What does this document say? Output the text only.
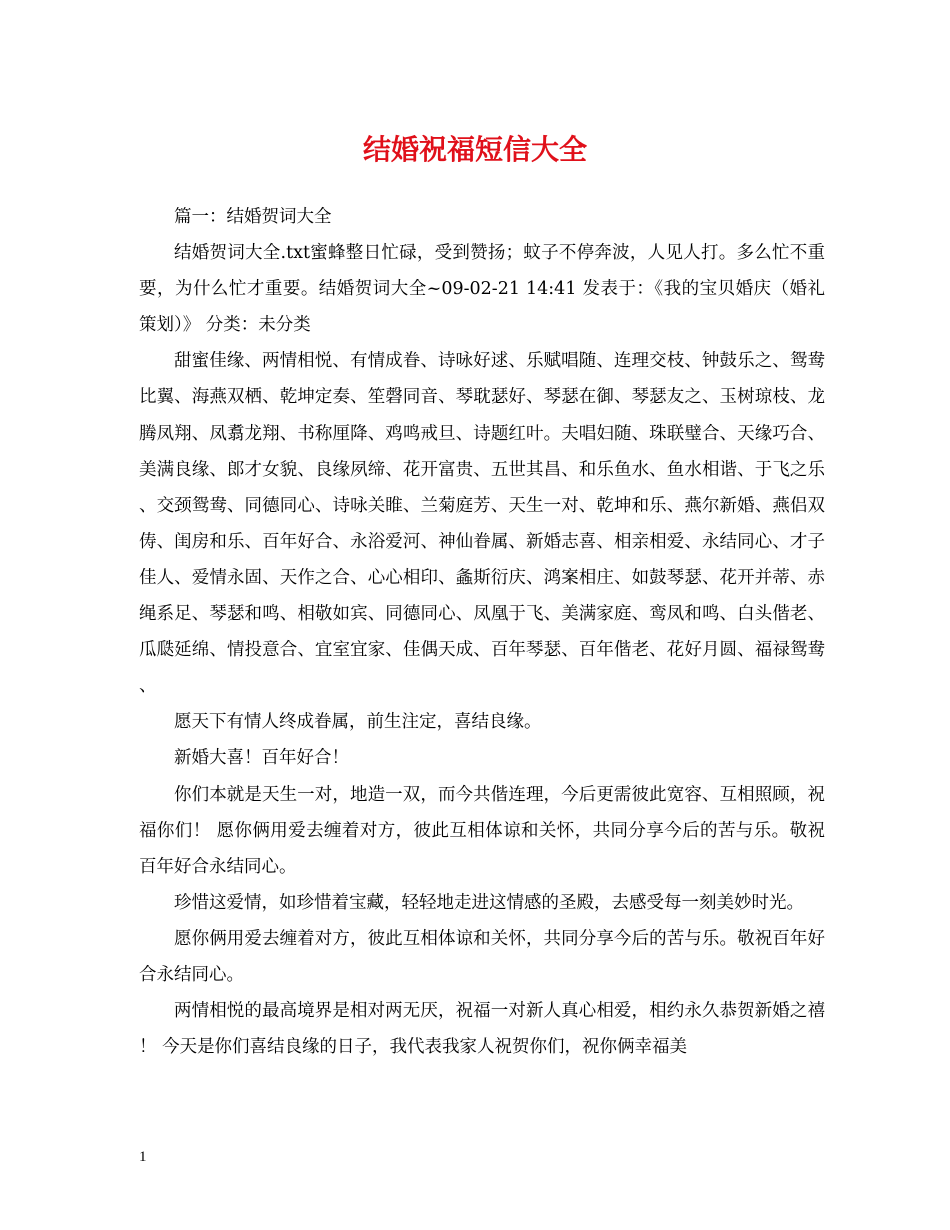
结婚祝福短信大全

篇一：结婚贺词大全

结婚贺词大全.txt蜜蜂整日忙碌，受到赞扬；蚊子不停奔波，人见人打。多么忙不重要，为什么忙才重要。结婚贺词大全~09-02-21 14:41 发表于：《我的宝贝婚庆（婚礼策划）》 分类：未分类

甜蜜佳缘、两情相悦、有情成眷、诗咏好逑、乐赋唱随、连理交枝、钟鼓乐之、鸳鸯比翼、海燕双栖、乾坤定奏、笙磬同音、琴耽瑟好、琴瑟在御、琴瑟友之、玉树琼枝、龙腾凤翔、凤翥龙翔、书称厘降、鸡鸣戒旦、诗题红叶。夫唱妇随、珠联璧合、天缘巧合、美满良缘、郎才女貌、良缘夙缔、花开富贵、五世其昌、和乐鱼水、鱼水相谐、于飞之乐、交颈鸳鸯、同德同心、诗咏关睢、兰菊庭芳、天生一对、乾坤和乐、燕尔新婚、燕侣双俦、闺房和乐、百年好合、永浴爱河、神仙眷属、新婚志喜、相亲相爱、永结同心、才子佳人、爱情永固、天作之合、心心相印、螽斯衍庆、鸿案相庄、如鼓琴瑟、花开并蒂、赤绳系足、琴瑟和鸣、相敬如宾、同德同心、凤凰于飞、美满家庭、鸾凤和鸣、白头偕老、瓜瓞延绵、情投意合、宜室宜家、佳偶天成、百年琴瑟、百年偕老、花好月圆、福禄鸳鸯、

愿天下有情人终成眷属，前生注定，喜结良缘。

新婚大喜！百年好合！

你们本就是天生一对，地造一双，而今共偕连理，今后更需彼此宽容、互相照顾，祝福你们！ 愿你俩用爱去缠着对方，彼此互相体谅和关怀，共同分享今后的苦与乐。敬祝百年好合永结同心。

珍惜这爱情，如珍惜着宝藏，轻轻地走进这情感的圣殿，去感受每一刻美妙时光。

愿你俩用爱去缠着对方，彼此互相体谅和关怀，共同分享今后的苦与乐。敬祝百年好合永结同心。

两情相悦的最高境界是相对两无厌，祝福一对新人真心相爱，相约永久恭贺新婚之禧！ 今天是你们喜结良缘的日子，我代表我家人祝贺你们，祝你俩幸福美

1
